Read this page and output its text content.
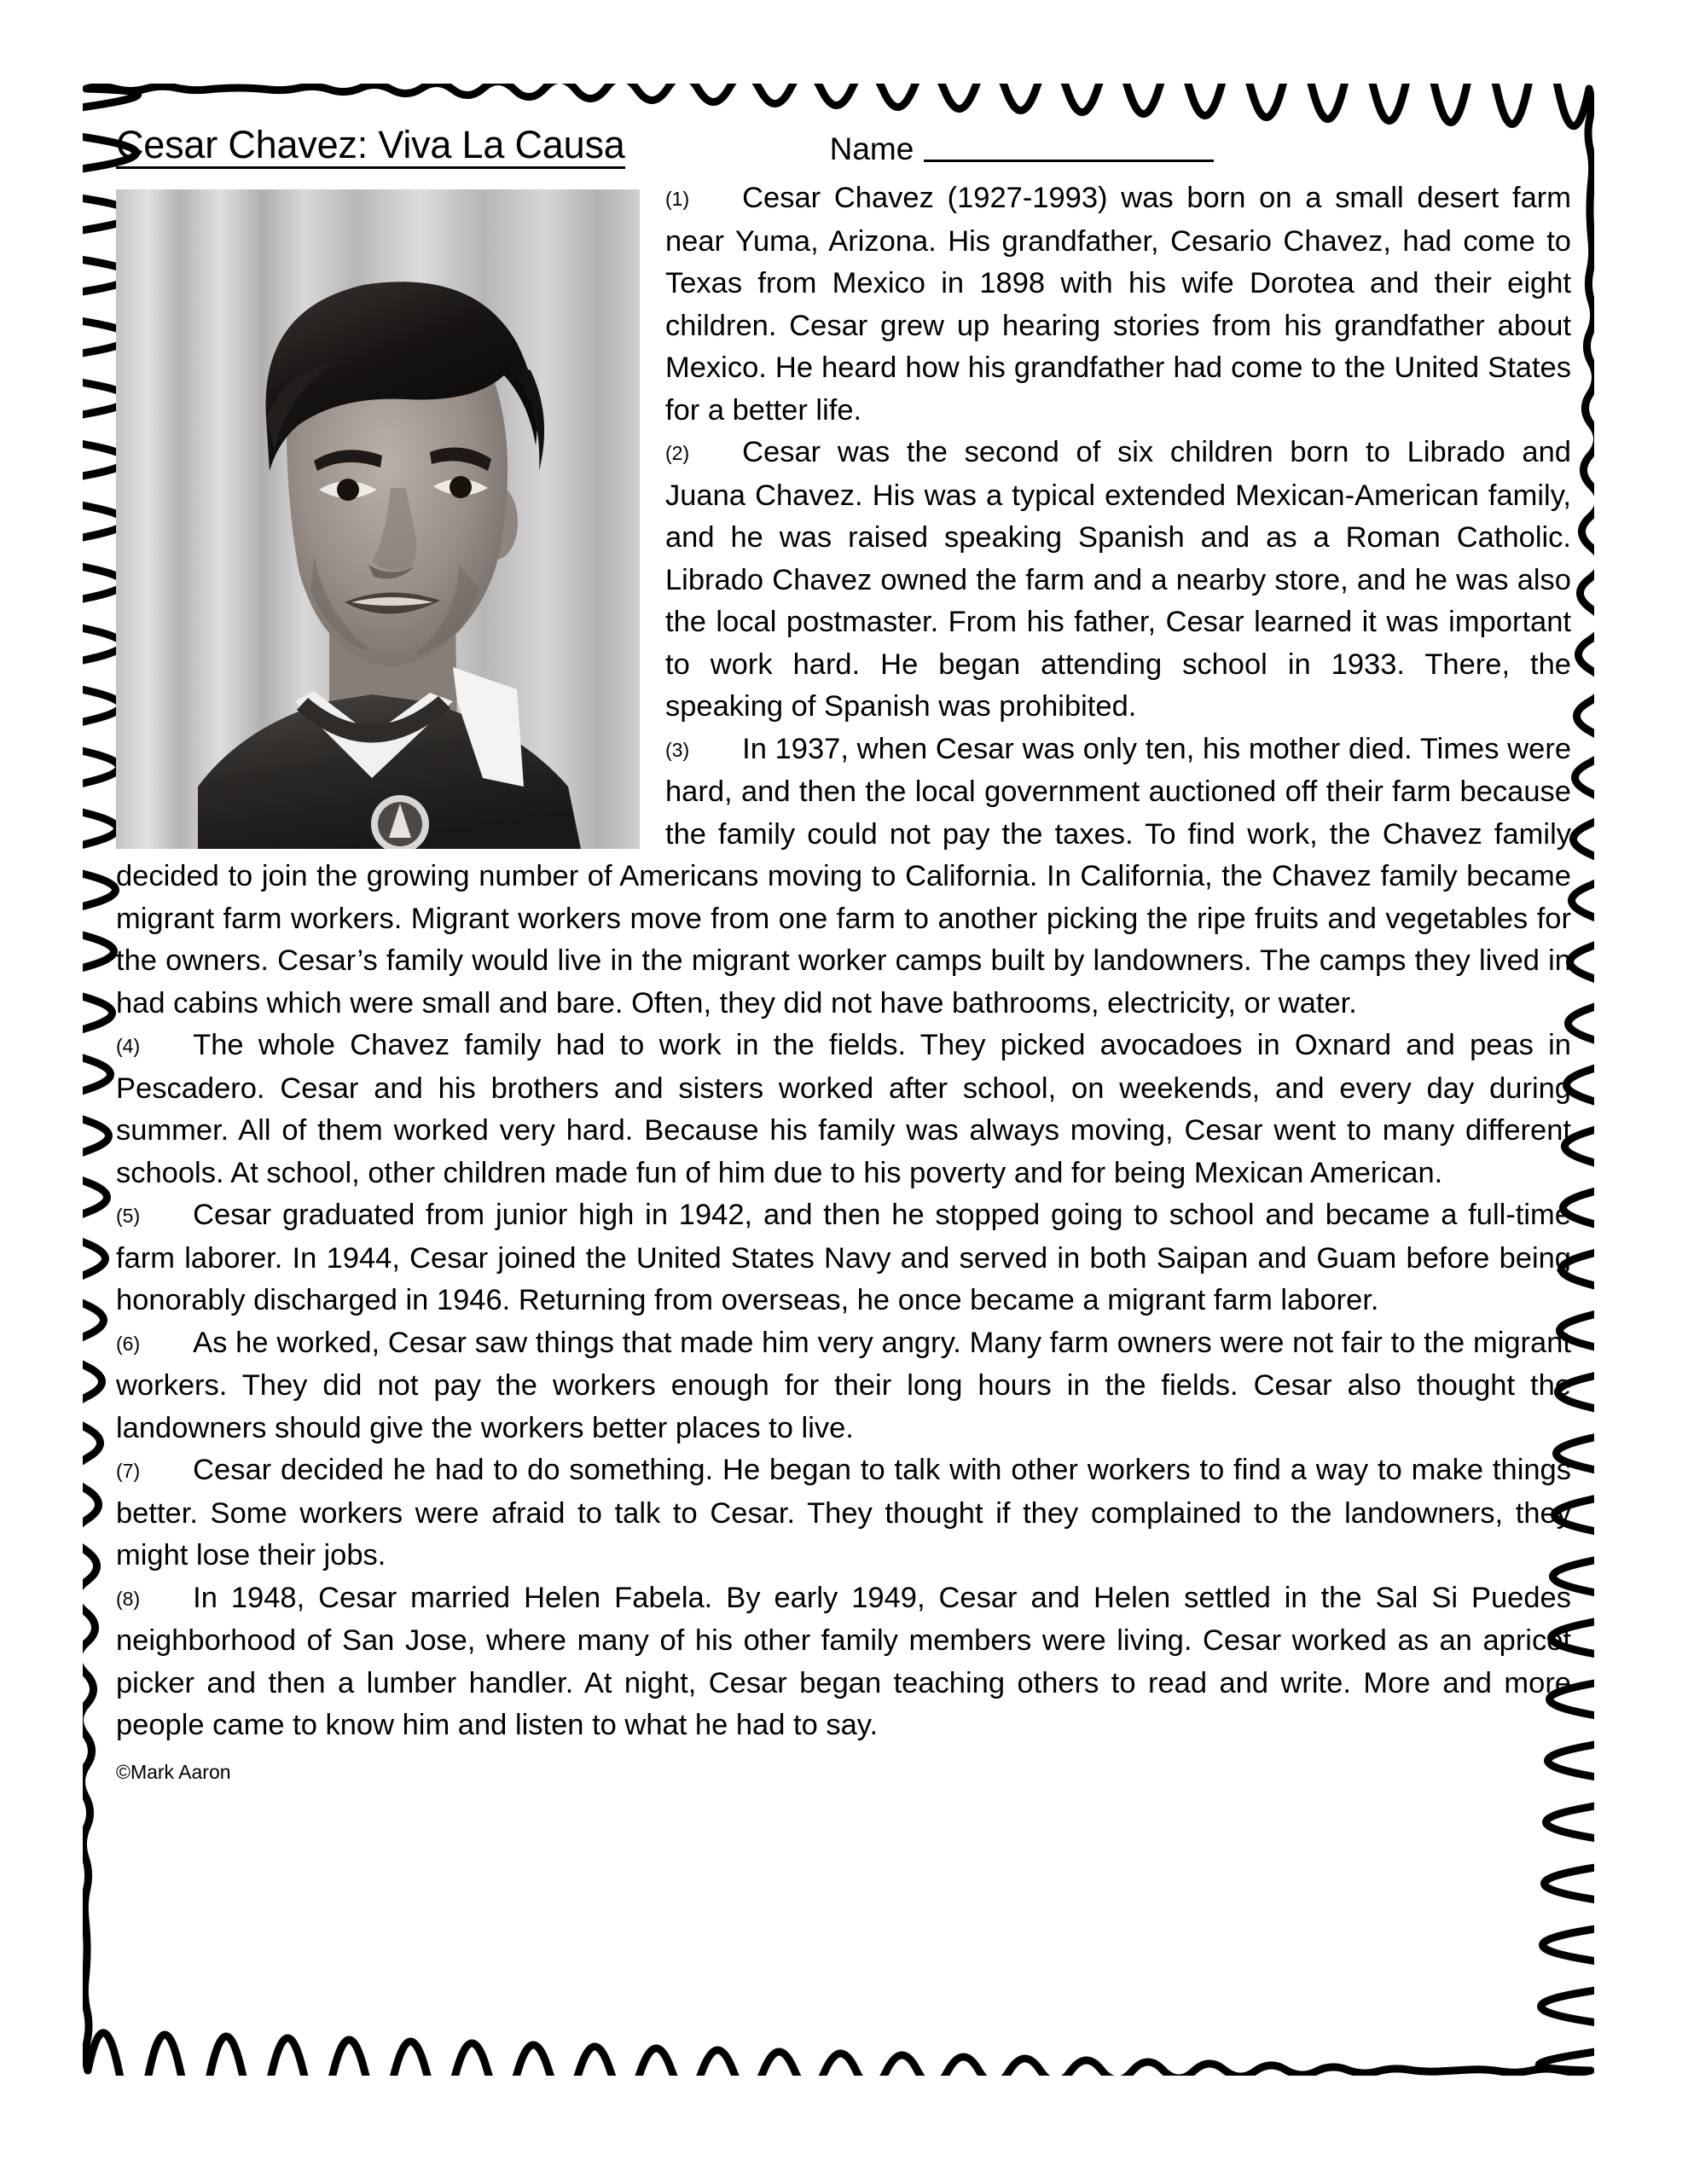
Cesar Chavez: Viva La Causa	Name

(1) Cesar Chavez (1927-1993) was born on a small desert farm near Yuma, Arizona. His grandfather, Cesario Chavez, had come to Texas from Mexico in 1898 with his wife Dorotea and their eight children. Cesar grew up hearing stories from his grandfather about Mexico. He heard how his grandfather had come to the United States for a better life.

(2) Cesar was the second of six children born to Librado and Juana Chavez. His was a typical extended Mexican-American family, and he was raised speaking Spanish and as a Roman Catholic. Librado Chavez owned the farm and a nearby store, and he was also the local postmaster. From his father, Cesar learned it was important to work hard. He began attending school in 1933. There, the speaking of Spanish was prohibited.

(3) In 1937, when Cesar was only ten, his mother died. Times were hard, and then the local government auctioned off their farm because the family could not pay the taxes. To find work, the Chavez family decided to join the growing number of Americans moving to California. In California, the Chavez family became migrant farm workers. Migrant workers move from one farm to another picking the ripe fruits and vegetables for the owners. Cesar’s family would live in the migrant worker camps built by landowners. The camps they lived in had cabins which were small and bare. Often, they did not have bathrooms, electricity, or water.

(4) The whole Chavez family had to work in the fields. They picked avocadoes in Oxnard and peas in Pescadero. Cesar and his brothers and sisters worked after school, on weekends, and every day during summer. All of them worked very hard. Because his family was always moving, Cesar went to many different schools. At school, other children made fun of him due to his poverty and for being Mexican American.

(5) Cesar graduated from junior high in 1942, and then he stopped going to school and became a full-time farm laborer. In 1944, Cesar joined the United States Navy and served in both Saipan and Guam before being honorably discharged in 1946. Returning from overseas, he once became a migrant farm laborer.

(6) As he worked, Cesar saw things that made him very angry. Many farm owners were not fair to the migrant workers. They did not pay the workers enough for their long hours in the fields. Cesar also thought the landowners should give the workers better places to live.

(7) Cesar decided he had to do something. He began to talk with other workers to find a way to make things better. Some workers were afraid to talk to Cesar. They thought if they complained to the landowners, they might lose their jobs.

(8) In 1948, Cesar married Helen Fabela. By early 1949, Cesar and Helen settled in the Sal Si Puedes neighborhood of San Jose, where many of his other family members were living. Cesar worked as an apricot picker and then a lumber handler. At night, Cesar began teaching others to read and write. More and more people came to know him and listen to what he had to say.

©Mark Aaron
